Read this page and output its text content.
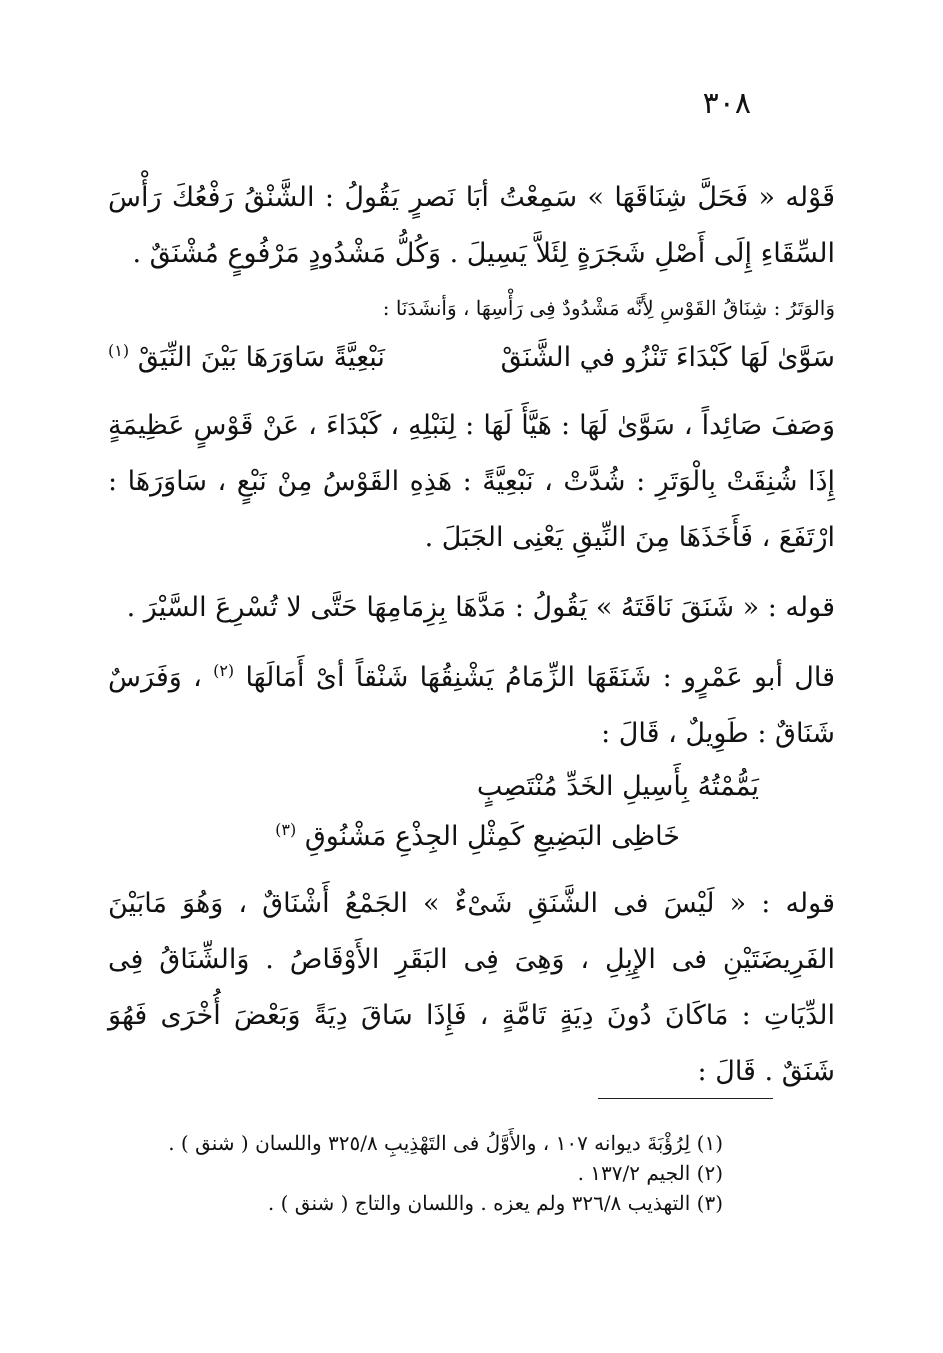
٣٠٨
قَوْله « فَحَلَّ شِنَاقَهَا » سَمِعْتُ أبَا نَصرٍ يَقُولُ : الشَّنْقُ رَفْعُكَ رَأْسَ السِّقَاءِ إِلَى أَصْلِ شَجَرَةٍ لِئَلاَّ يَسِيلَ . وَكُلُّ مَشْدُودٍ مَرْفُوعٍ مُشْنَقٌ .
وَالوَتَرُ : شِنَاقُ القَوْسِ لِأَنَّه مَشْدُودٌ فِى رَأْسِهَا ، وَأنشَدَنَا :
سَوَّىٰ لَهَا كَبْدَاءَ تَنْزُو في الشَّنَقْ
نَبْعِيَّةً سَاوَرَهَا بَيْنَ النِّيَقْ $^{(١)}$
وَصَفَ صَائِداً ، سَوَّىٰ لَهَا : هَيَّأَ لَهَا : لِنَبْلِهِ ، كَبْدَاءَ ، عَنْ قَوْسٍ عَظِيمَةٍ إِذَا شُنِقَتْ بِالْوَتَرِ : شُدَّتْ ، نَبْعِيَّةً : هَذِهِ القَوْسُ مِنْ نَبْعٍ ، سَاوَرَهَا : ارْتَفَعَ ، فَأَخَذَهَا مِنَ النِّيقِ يَعْنِى الجَبَلَ .
قوله : « شَنَقَ نَاقَتَهُ » يَقُولُ : مَدَّهَا بِزِمَامِهَا حَتَّى لا تُسْرِعَ السَّيْرَ .
قال أبو عَمْرٍو : شَنَقَهَا الزِّمَامُ يَشْنِقُهَا شَنْقاً أىْ أَمَالَهَا $^{(٢)}$ ، وَفَرَسٌ شَنَاقٌ : طَوِيلٌ ، قَالَ :
يَمُّمْتُهُ بِأَسِيلِ الخَدِّ مُنْتَصِبٍ
خَاظِى البَضِيعِ كَمِثْلِ الجِذْعِ مَشْنُوقِ $^{(٣)}$
قوله : « لَيْسَ فى الشَّنَقِ شَىْءٌ » الجَمْعُ أَشْنَاقٌ ، وَهُوَ مَابَيْنَ الفَرِيضَتَيْنِ فى الإِبِلِ ، وَهِىَ فِى البَقَرِ الأَوْقَاصُ . وَالشِّنَاقُ فِى الدِّيَاتِ : مَاكَانَ دُونَ دِيَةٍ تَامَّةٍ ، فَإِذَا سَاقَ دِيَةً وَبَعْضَ أُخْرَى فَهُوَ شَنَقٌ . قَالَ :
(١) لِرُؤْبَةَ ديوانه ١٠٧ ، والأَوَّلُ فى التَهْذِيبِ ٣٢٥/٨ واللسان ( شنق ) .
(٢) الجيم ١٣٧/٢ .
(٣) التهذيب ٣٢٦/٨ ولم يعزه . واللسان والتاج ( شنق ) .
